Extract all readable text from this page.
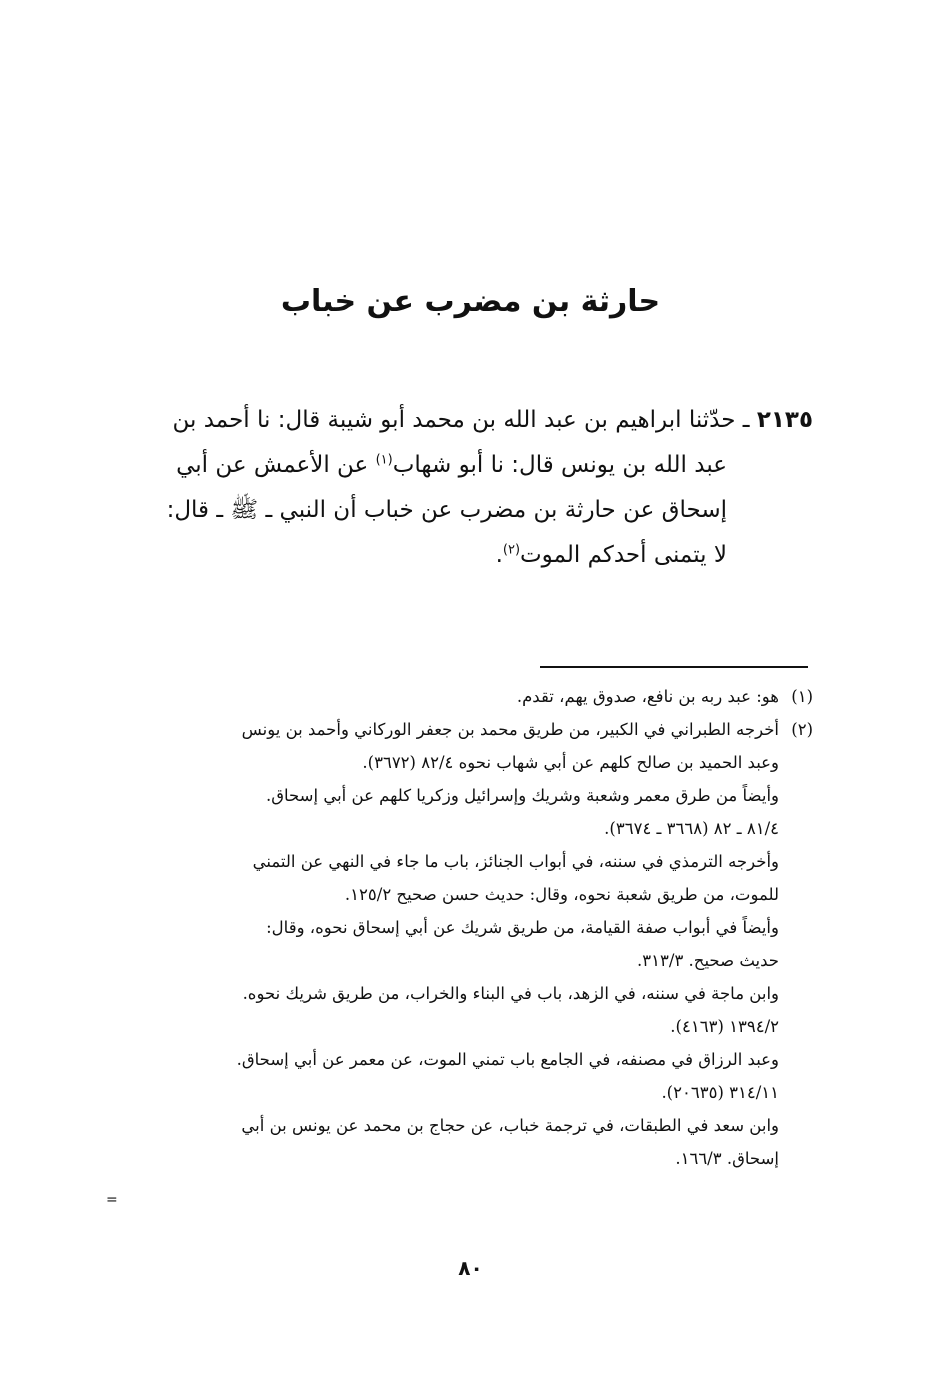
حارثة بن مضرب عن خباب
٢١٣٥ ـ حدّثنا ابراهيم بن عبد الله بن محمد أبو شيبة قال: نا أحمد بن
عبد الله بن يونس قال: نا أبو شهاب$^{(١)}$ عن الأعمش عن أبي
إسحاق عن حارثة بن مضرب عن خباب أن النبي ـ ﷺ ـ قال:
لا يتمنى أحدكم الموت$^{(٢)}$.
(١)هو: عبد ربه بن نافع، صدوق يهم، تقدم.
(٢)أخرجه الطبراني في الكبير، من طريق محمد بن جعفر الوركاني وأحمد بن يونس
وعبد الحميد بن صالح كلهم عن أبي شهاب نحوه ٨٢/٤ (٣٦٧٢).
وأيضاً من طرق معمر وشعبة وشريك وإسرائيل وزكريا كلهم عن أبي إسحاق.
٨١/٤ ـ ٨٢ (٣٦٦٨ ـ ٣٦٧٤).
وأخرجه الترمذي في سننه، في أبواب الجنائز، باب ما جاء في النهي عن التمني
للموت، من طريق شعبة نحوه، وقال: حديث حسن صحيح ١٢٥/٢.
وأيضاً في أبواب صفة القيامة، من طريق شريك عن أبي إسحاق نحوه، وقال:
حديث صحيح. ٣١٣/٣.
وابن ماجة في سننه، في الزهد، باب في البناء والخراب، من طريق شريك نحوه.
١٣٩٤/٢ (٤١٦٣).
وعبد الرزاق في مصنفه، في الجامع باب تمني الموت، عن معمر عن أبي إسحاق.
٣١٤/١١ (٢٠٦٣٥).
وابن سعد في الطبقات، في ترجمة خباب، عن حجاج بن محمد عن يونس بن أبي
إسحاق. ١٦٦/٣.
=
٨٠
